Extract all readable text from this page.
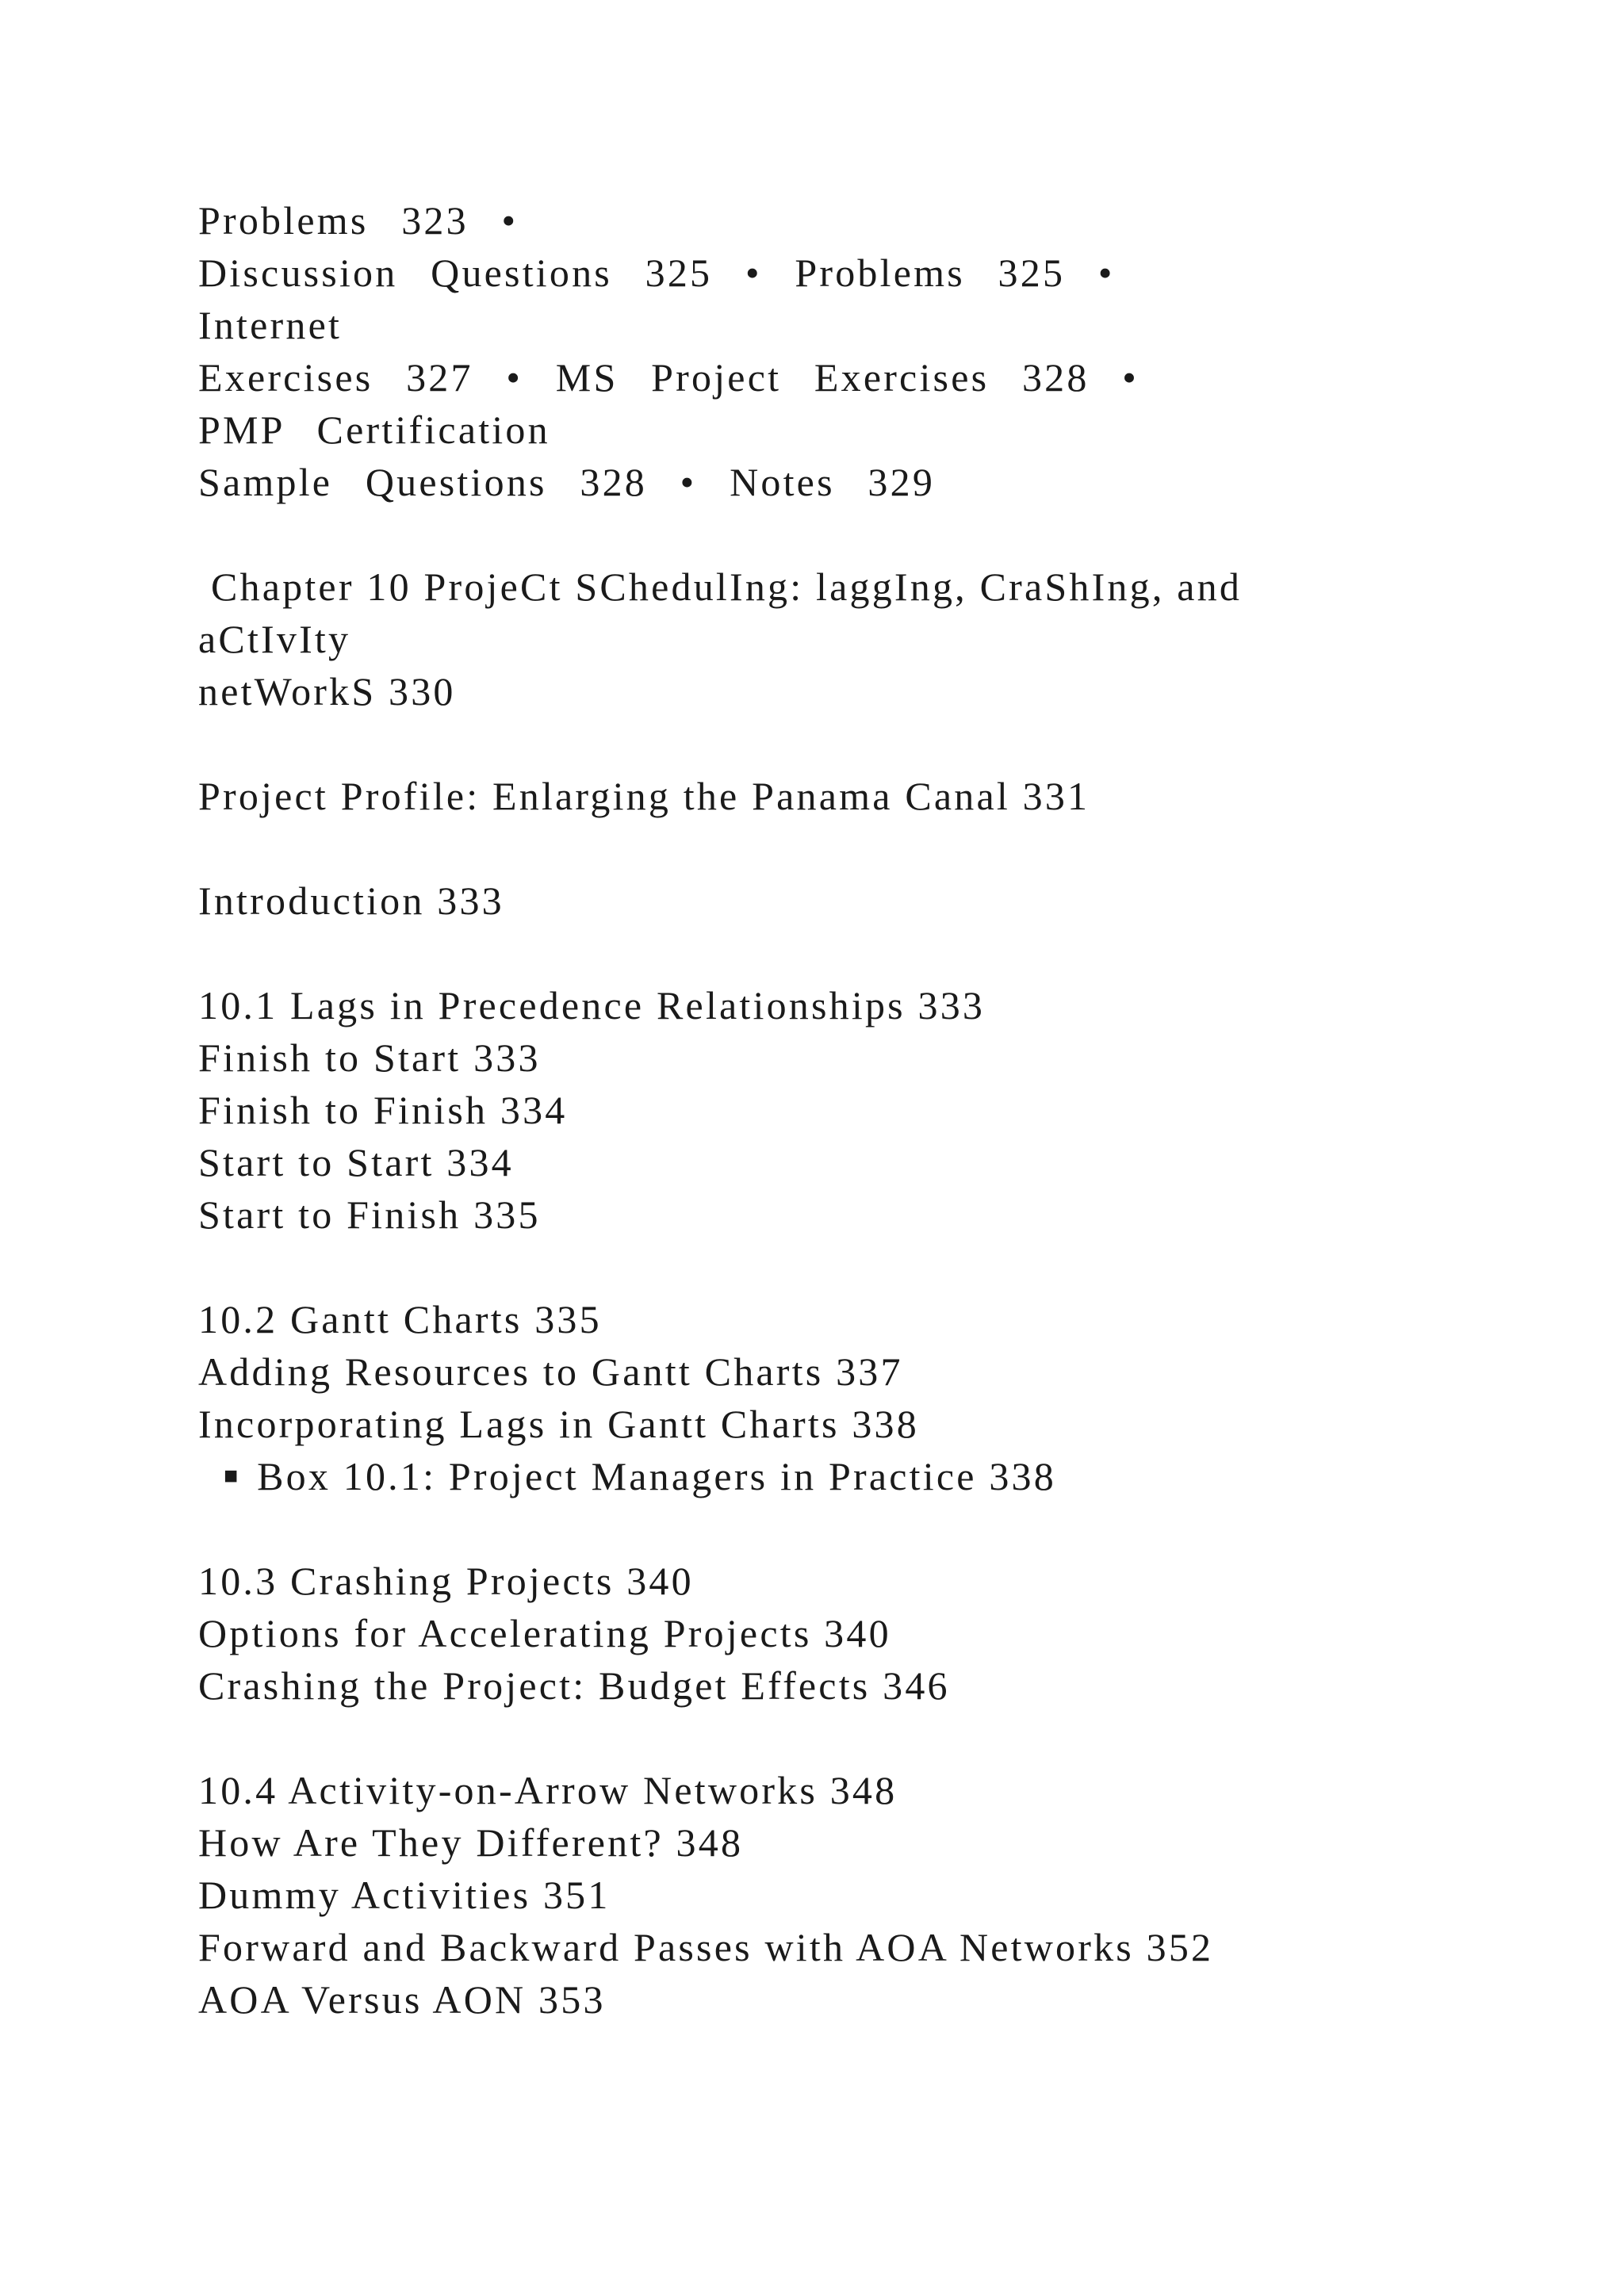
Problems 323 •
Discussion Questions 325 • Problems 325 •
Internet
Exercises 327 • MS Project Exercises 328 •
PMP Certification
Sample Questions 328 • Notes 329
Chapter 10 ProjeCt SChedulIng: laggIng, CraShIng, and
aCtIvIty
netWorkS 330
Project Profile: Enlarging the Panama Canal 331
Introduction 333
10.1 Lags in Precedence Relationships 333
Finish to Start 333
Finish to Finish 334
Start to Start 334
Start to Finish 335
10.2 Gantt Charts 335
Adding Resources to Gantt Charts 337
Incorporating Lags in Gantt Charts 338
■ Box 10.1: Project Managers in Practice 338
10.3 Crashing Projects 340
Options for Accelerating Projects 340
Crashing the Project: Budget Effects 346
10.4 Activity-on-Arrow Networks 348
How Are They Different? 348
Dummy Activities 351
Forward and Backward Passes with AOA Networks 352
AOA Versus AON 353
